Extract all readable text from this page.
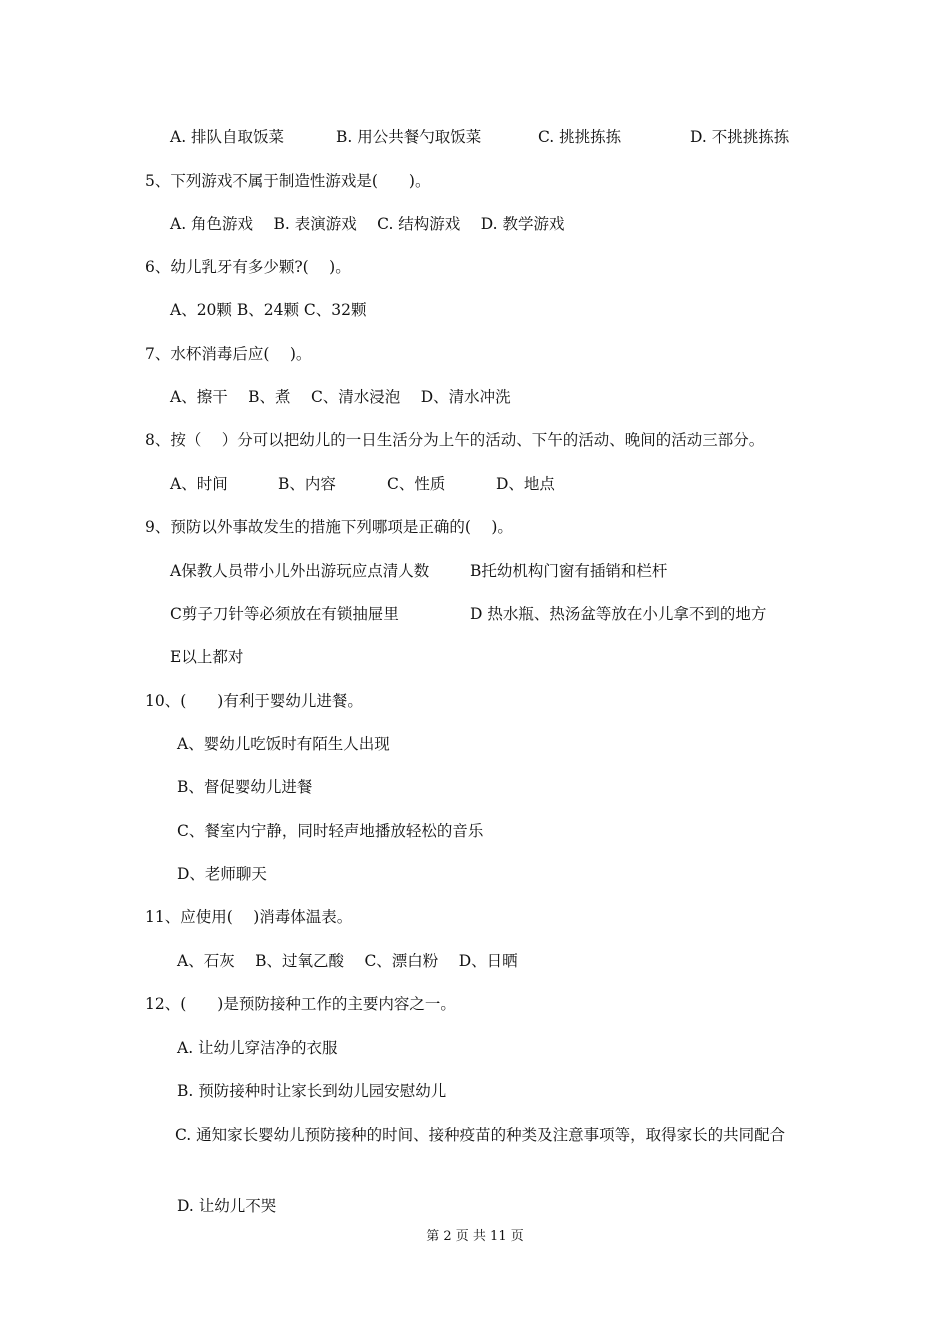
A. 排队自取饭菜	B. 用公共餐勺取饭菜	C. 挑挑拣拣	D. 不挑挑拣拣
5、下列游戏不属于制造性游戏是(　　)。
A. 角色游戏　 B. 表演游戏　 C. 结构游戏　 D. 教学游戏
6、幼儿乳牙有多少颗?(　 )。
A、20颗 B、24颗 C、32颗
7、水杯消毒后应(　 )。
A、擦干　 B、煮　 C、清水浸泡　 D、清水冲洗
8、按（　 ）分可以把幼儿的一日生活分为上午的活动、下午的活动、晚间的活动三部分。
A、时间	B、内容	C、性质	D、地点
9、预防以外事故发生的措施下列哪项是正确的(　 )。
A保教人员带小儿外出游玩应点清人数	B托幼机构门窗有插销和栏杆
C剪子刀针等必须放在有锁抽屉里	D 热水瓶、热汤盆等放在小儿拿不到的地方
E以上都对
10、(　　)有利于婴幼儿进餐。
A、婴幼儿吃饭时有陌生人出现
B、督促婴幼儿进餐
C、餐室内宁静，同时轻声地播放轻松的音乐
D、老师聊天
11、应使用(　 )消毒体温表。
A、石灰　 B、过氧乙酸　 C、漂白粉　 D、日晒
12、(　　)是预防接种工作的主要内容之一。
A. 让幼儿穿洁净的衣服
B. 预防接种时让家长到幼儿园安慰幼儿
C. 通知家长婴幼儿预防接种的时间、接种疫苗的种类及注意事项等，取得家长的共同配合
D. 让幼儿不哭
第 2 页 共 11 页
